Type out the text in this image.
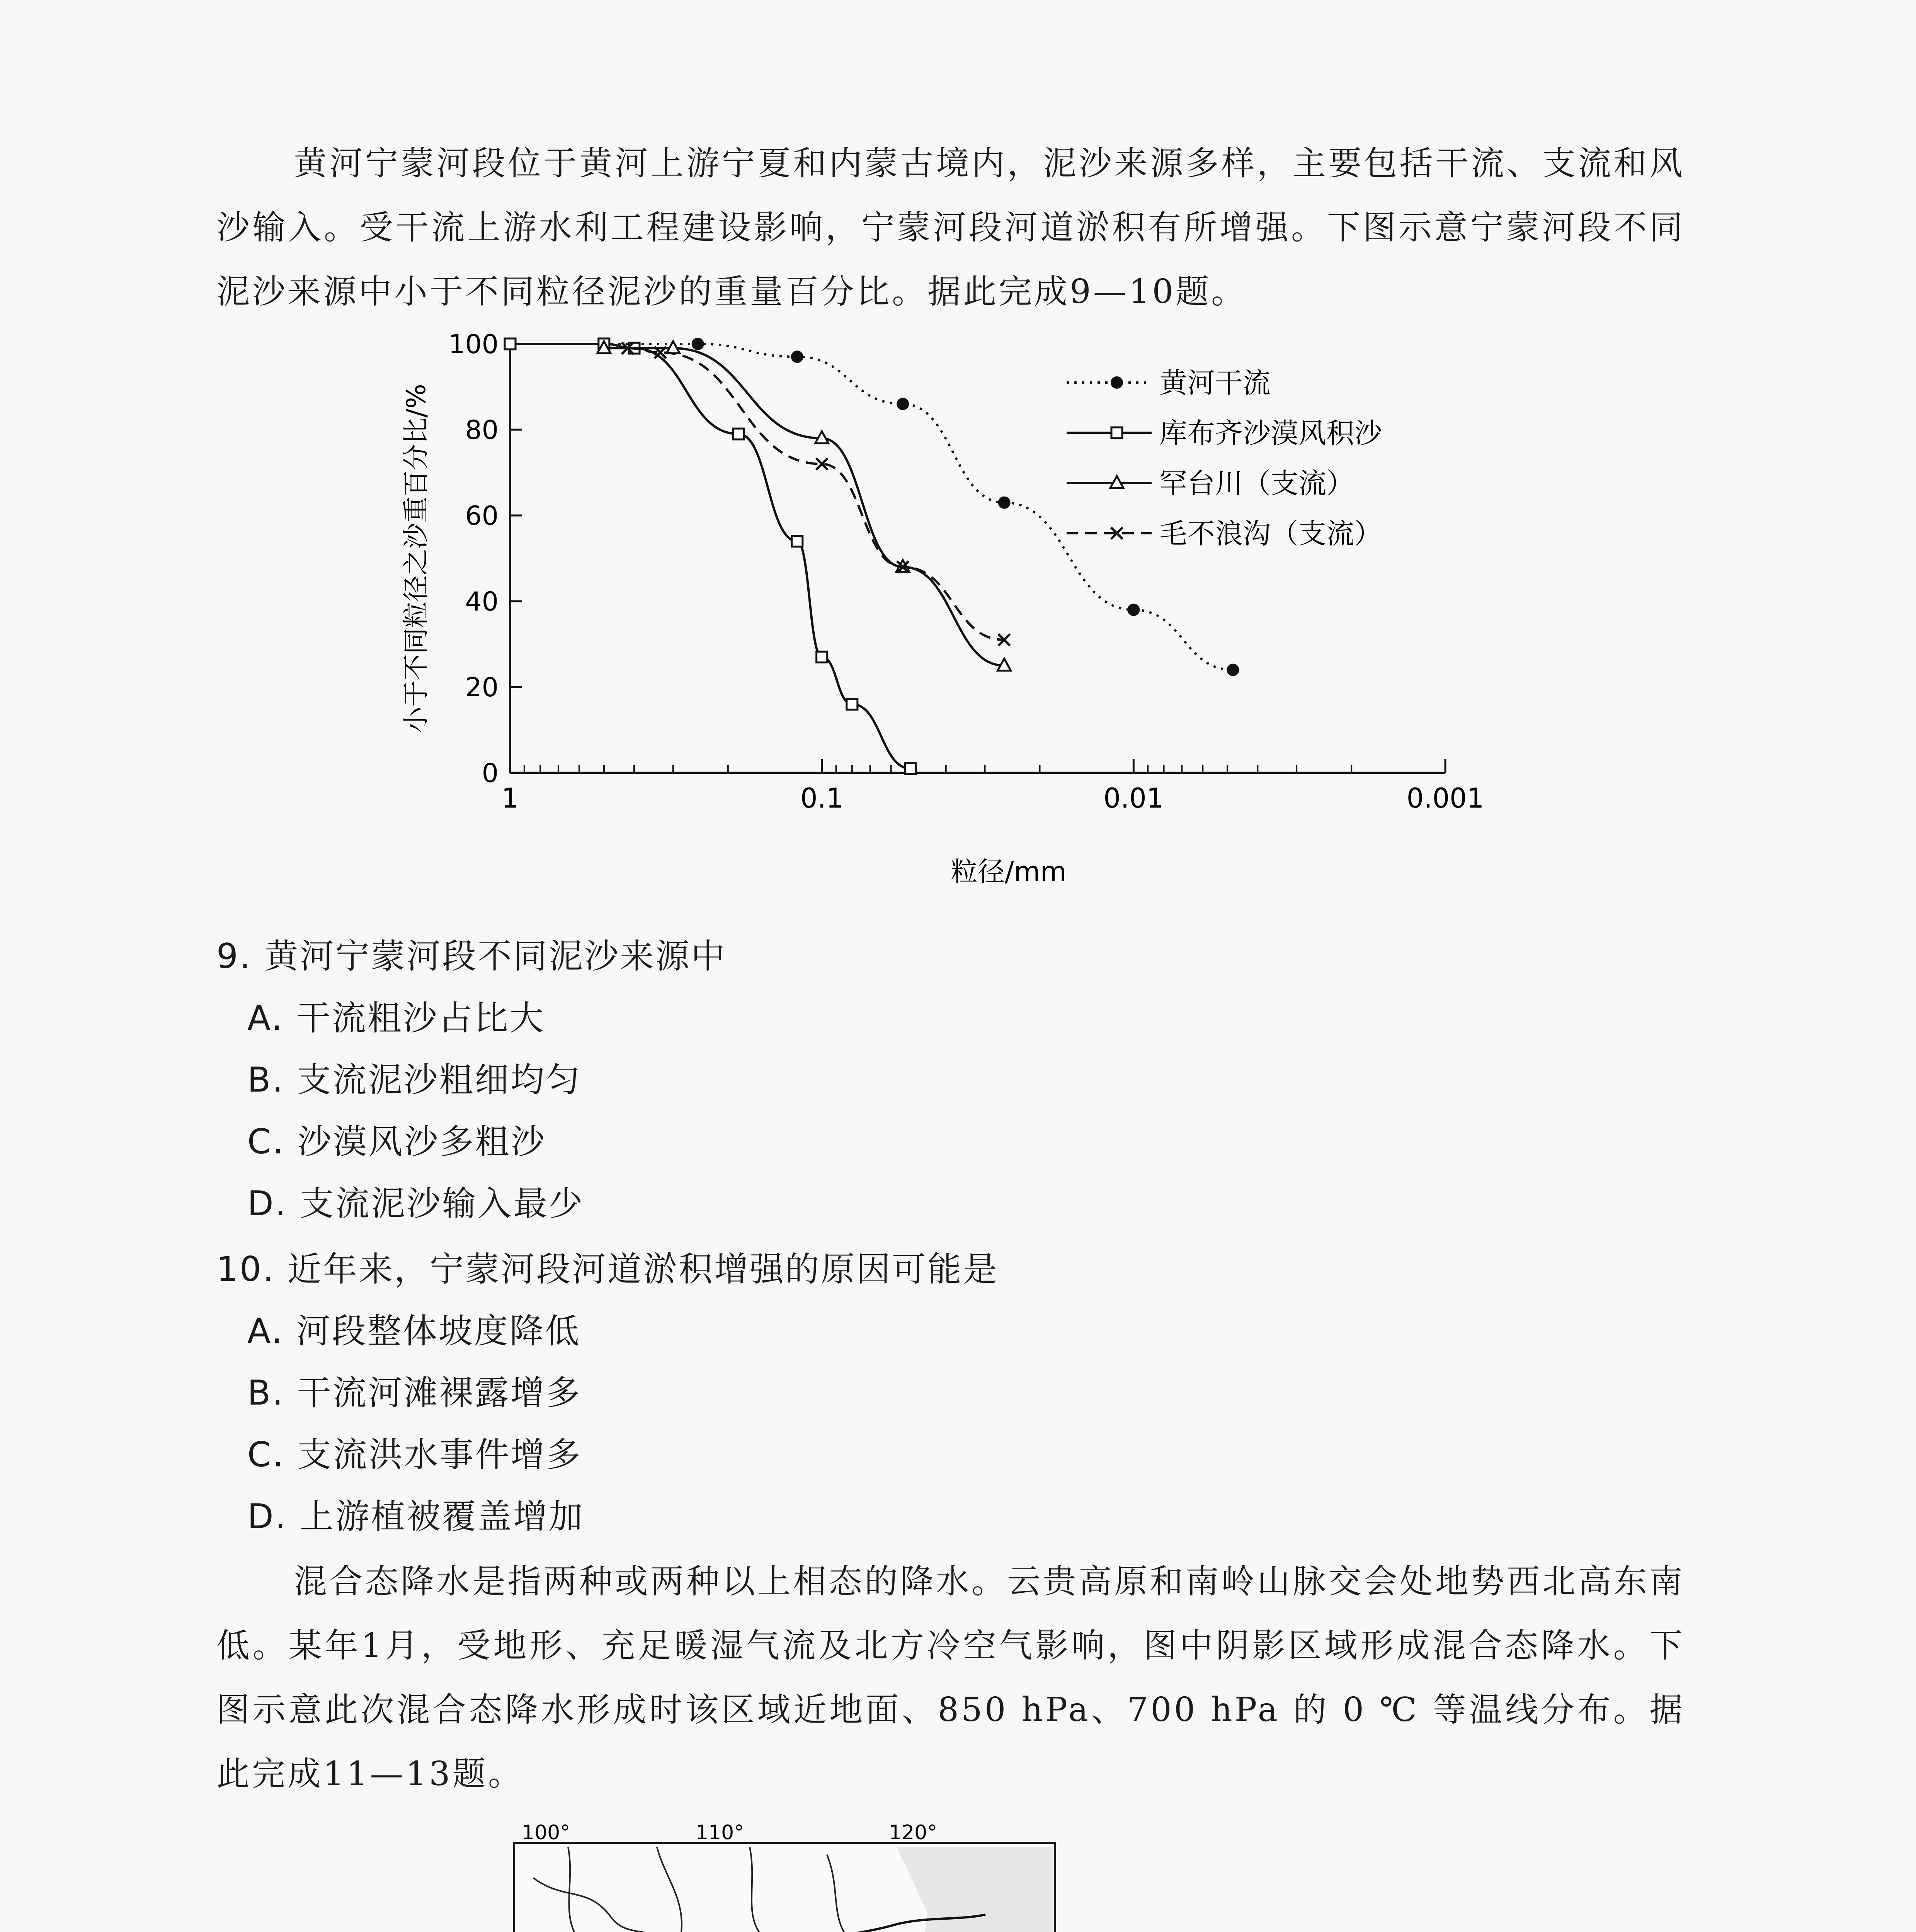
黄河宁蒙河段位于黄河上游宁夏和内蒙古境内，泥沙来源多样，主要包括干流、支流和风沙输入。受干流上游水利工程建设影响，宁蒙河段河道淤积有所增强。下图示意宁蒙河段不同泥沙来源中小于不同粒径泥沙的重量百分比。据此完成9—10题。
0
20
40
60
80
100
1	0.1	0.01	0.001
粒径/mm
小于不同粒径之沙重百分比/%
黄河干流
库布齐沙漠风积沙
罕台川（支流）
毛不浪沟（支流）
9. 黄河宁蒙河段不同泥沙来源中
A. 干流粗沙占比大
B. 支流泥沙粗细均匀
C. 沙漠风沙多粗沙
D. 支流泥沙输入最少
10. 近年来，宁蒙河段河道淤积增强的原因可能是
A. 河段整体坡度降低
B. 干流河滩裸露增多
C. 支流洪水事件增多
D. 上游植被覆盖增加
混合态降水是指两种或两种以上相态的降水。云贵高原和南岭山脉交会处地势西北高东南低。某年1月，受地形、充足暖湿气流及北方冷空气影响，图中阴影区域形成混合态降水。下图示意此次混合态降水形成时该区域近地面、850 hPa、700 hPa 的 0 ℃ 等温线分布。据此完成11—13题。
100°	110°	120°
